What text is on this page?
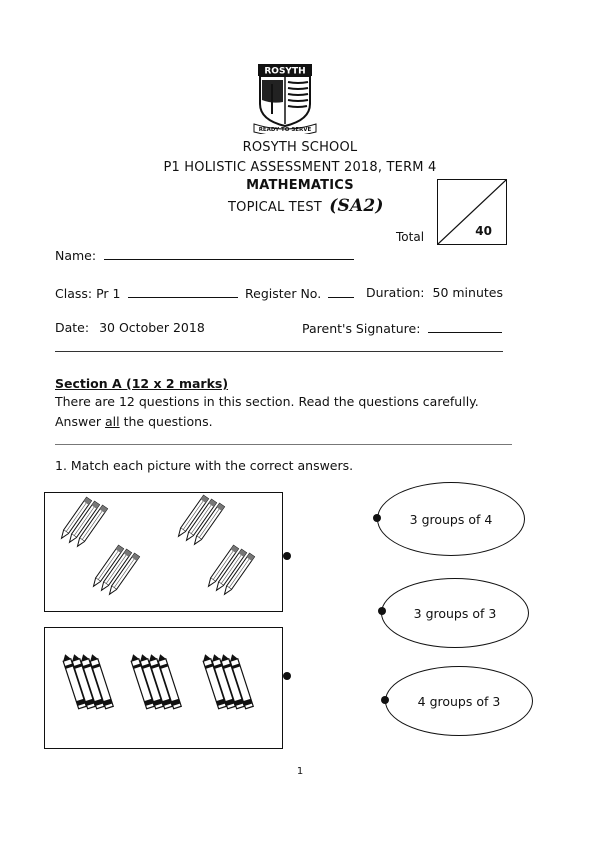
ROSYTH
READY TO SERVE
ROSYTH SCHOOL
P1 HOLISTIC ASSESSMENT 2018, TERM 4
MATHEMATICS
TOPICAL TEST (SA2)
Total	40
Name:
Class: Pr 1	Register No.	Duration: 50 minutes
Date: 30 October 2018	Parent's Signature:
Section A (12 x 2 marks)
There are 12 questions in this section. Read the questions carefully.
Answer all the questions.
1. Match each picture with the correct answers.
3 groups of 4
3 groups of 3
4 groups of 3
1
